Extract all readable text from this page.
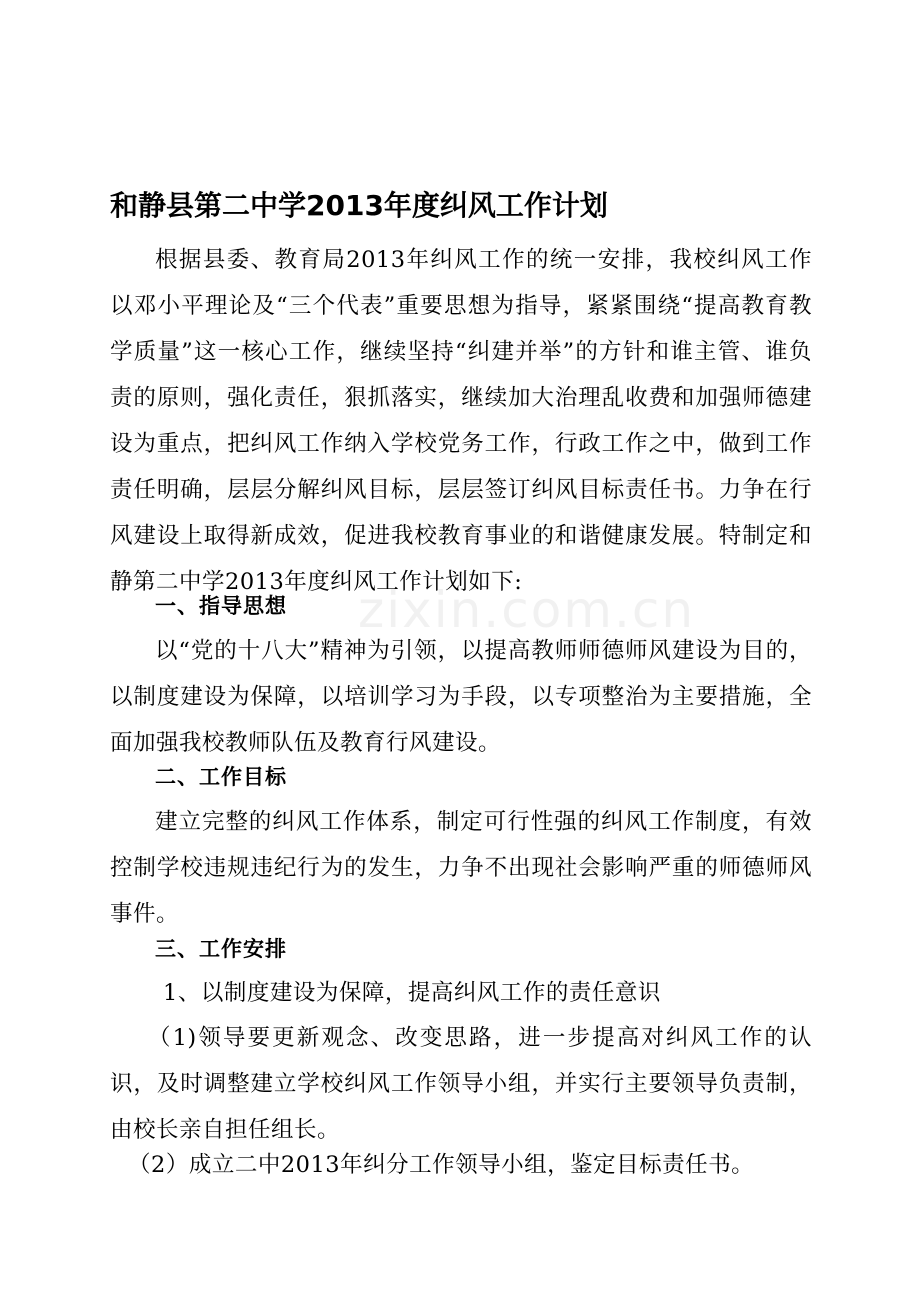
zixin.com.cn
和静县第二中学2013年度纠风工作计划

根据县委、教育局2013年纠风工作的统一安排，我校纠风工作以邓小平理论及“三个代表”重要思想为指导，紧紧围绕“提高教育教学质量”这一核心工作，继续坚持“纠建并举”的方针和谁主管、谁负责的原则，强化责任，狠抓落实，继续加大治理乱收费和加强师德建设为重点，把纠风工作纳入学校党务工作，行政工作之中，做到工作责任明确，层层分解纠风目标，层层签订纠风目标责任书。力争在行风建设上取得新成效，促进我校教育事业的和谐健康发展。特制定和静第二中学2013年度纠风工作计划如下:

一、指导思想

以“党的十八大”精神为引领，以提高教师师德师风建设为目的，以制度建设为保障，以培训学习为手段，以专项整治为主要措施，全面加强我校教师队伍及教育行风建设。

二、工作目标

建立完整的纠风工作体系，制定可行性强的纠风工作制度，有效控制学校违规违纪行为的发生，力争不出现社会影响严重的师德师风事件。

三、工作安排

1、以制度建设为保障，提高纠风工作的责任意识

（1)领导要更新观念、改变思路，进一步提高对纠风工作的认识，及时调整建立学校纠风工作领导小组，并实行主要领导负责制，由校长亲自担任组长。

（2）成立二中2013年纠分工作领导小组，鉴定目标责任书。
